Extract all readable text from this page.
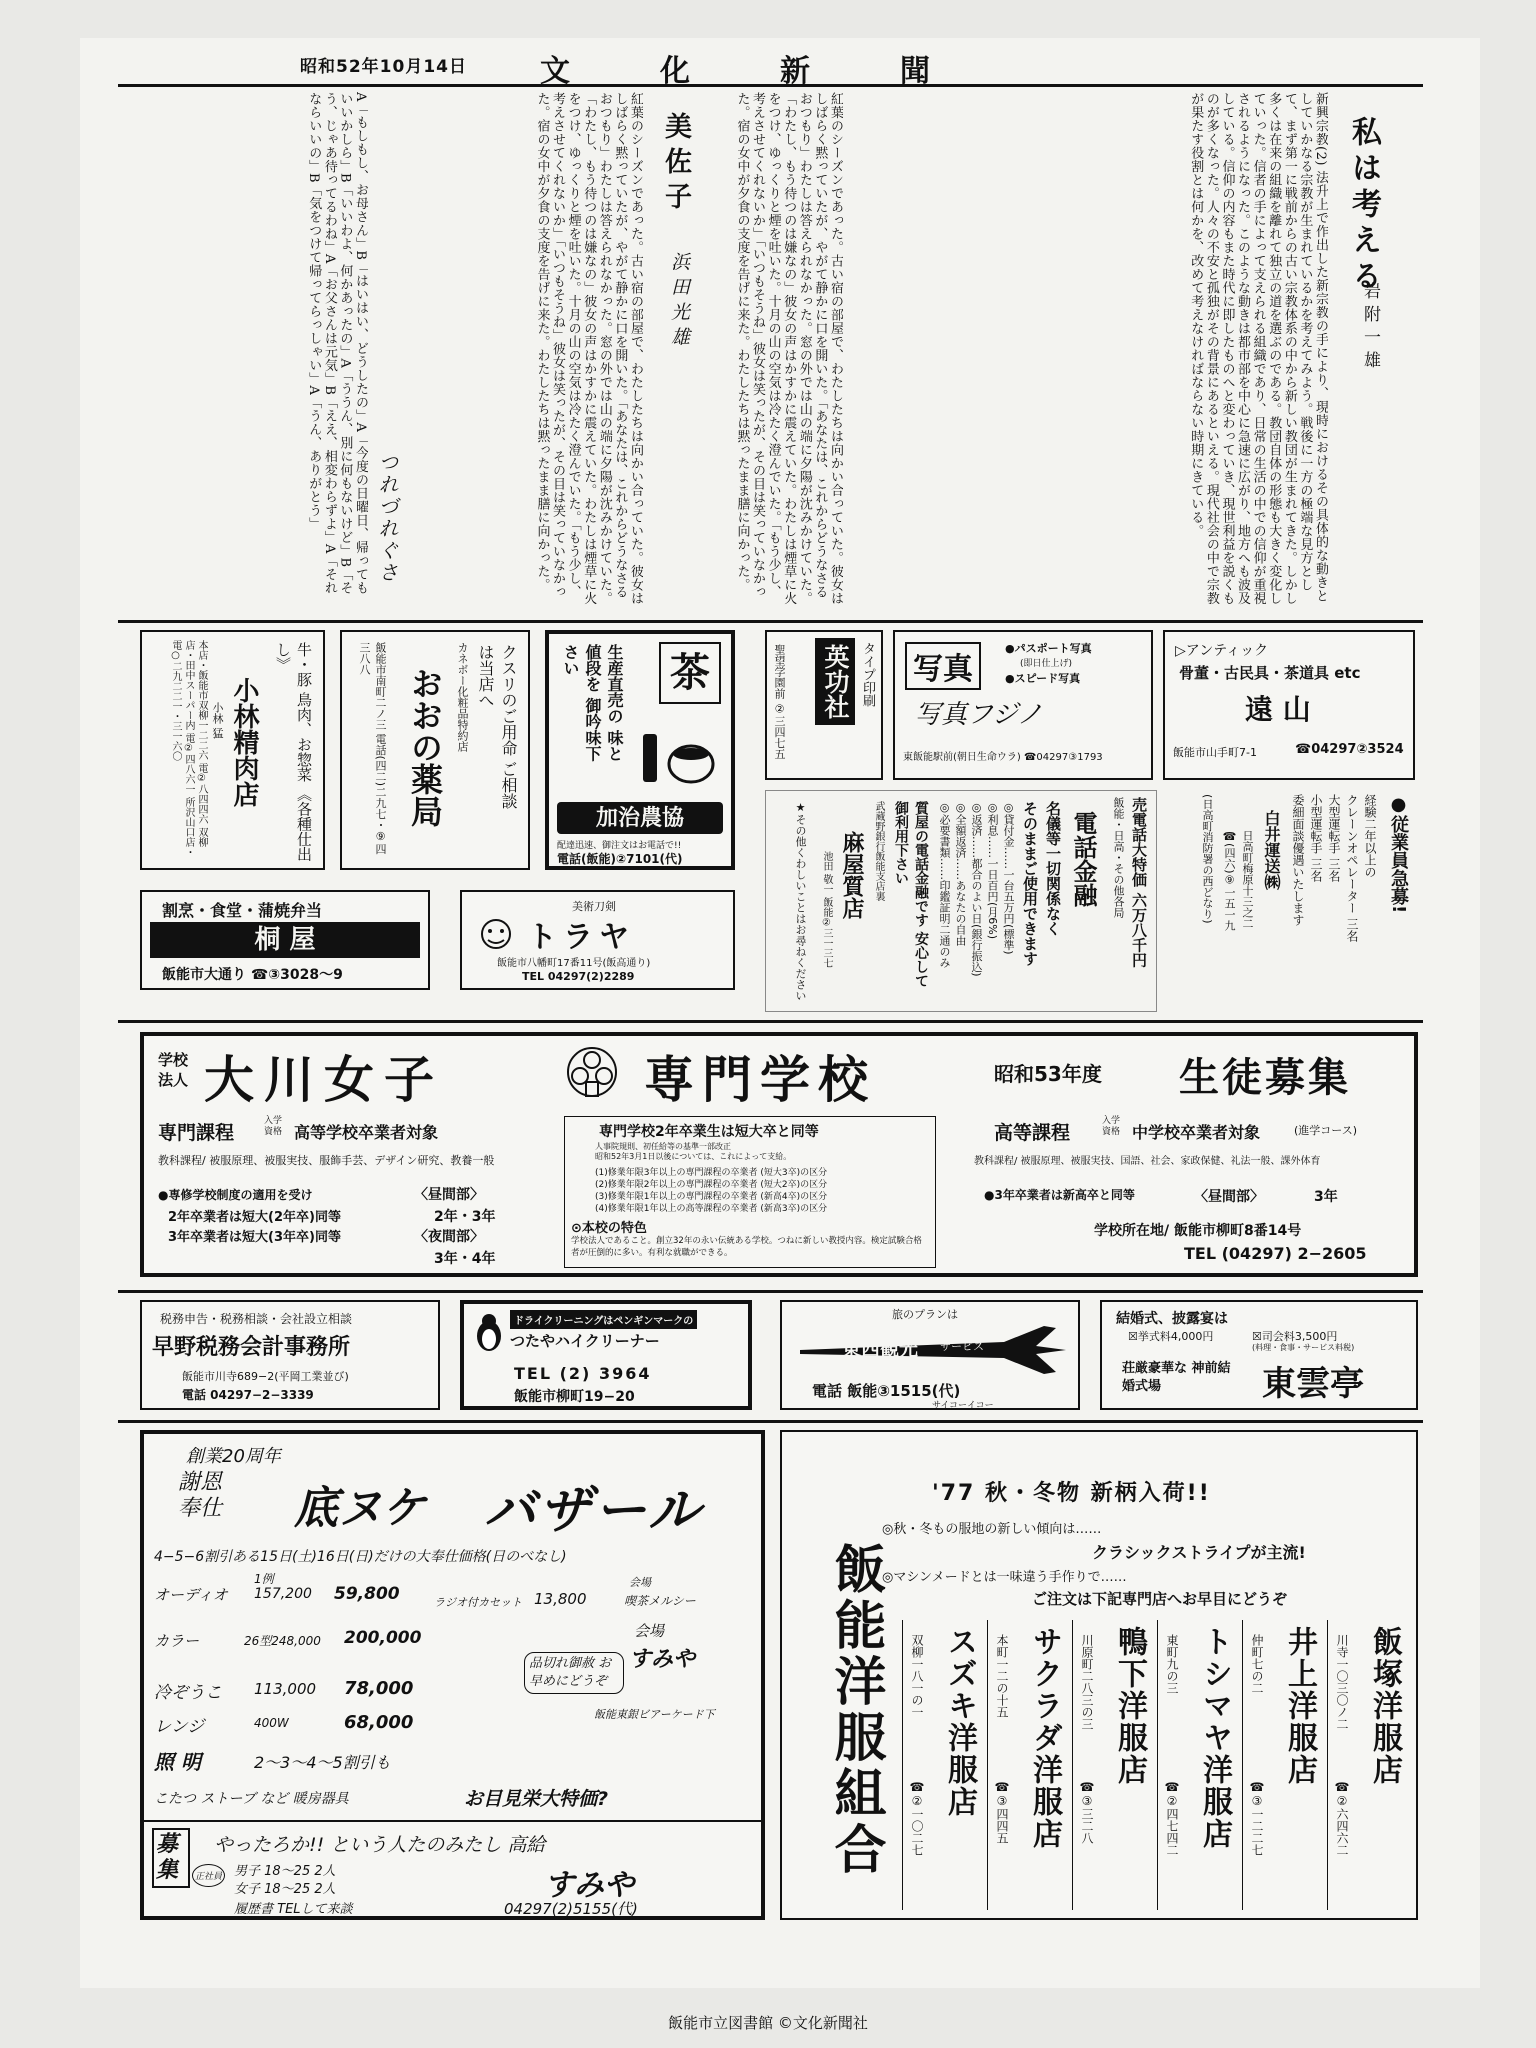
昭和52年10月14日 文化新聞
私は考える
岩附一雄
新興宗教(2) 法升上で作出した新宗教の手により、現時におけるその具体的な動きとしていかなる宗教が生まれているかを考えてみよう。戦後に一方の極端な見方として、まず第一に戦前からの古い宗教体系の中から新しい教団が生まれてきた。しかし多くは在来の組織を離れて独立の道を選ぶのである。教団自体の形態も大きく変化していった。信者の手によって支えられる組織であり、日常の生活の中での信仰が重視されるようになった。このような動きは都市部を中心に急速に広がり、地方へも波及している。信仰の内容もまた時代に即したものへと変わっていき、現世利益を説くものが多くなった。人々の不安と孤独がその背景にあるといえる。現代社会の中で宗教が果たす役割とは何かを、改めて考えなければならない時期にきている。
美佐子
浜田光雄
紅葉のシーズンであった。古い宿の部屋で、わたしたちは向かい合っていた。彼女はしばらく黙っていたが、やがて静かに口を開いた。「あなたは、これからどうなさるおつもり」わたしは答えられなかった。窓の外では山の端に夕陽が沈みかけていた。「わたし、もう待つのは嫌なの」彼女の声はかすかに震えていた。わたしは煙草に火をつけ、ゆっくりと煙を吐いた。十月の山の空気は冷たく澄んでいた。「もう少し、考えさせてくれないか」「いつもそうね」彼女は笑ったが、その目は笑っていなかった。宿の女中が夕食の支度を告げに来た。わたしたちは黙ったまま膳に向かった。	紅葉のシーズンであった。古い宿の部屋で、わたしたちは向かい合っていた。彼女はしばらく黙っていたが、やがて静かに口を開いた。「あなたは、これからどうなさるおつもり」わたしは答えられなかった。窓の外では山の端に夕陽が沈みかけていた。「わたし、もう待つのは嫌なの」彼女の声はかすかに震えていた。わたしは煙草に火をつけ、ゆっくりと煙を吐いた。十月の山の空気は冷たく澄んでいた。「もう少し、考えさせてくれないか」「いつもそうね」彼女は笑ったが、その目は笑っていなかった。宿の女中が夕食の支度を告げに来た。わたしたちは黙ったまま膳に向かった。
つれづれぐさ
A「もしもし、お母さん」B「はいはい、どうしたの」A「今度の日曜日、帰ってもいいかしら」B「いいわよ、何かあったの」A「ううん、別に何もないけど」B「そう、じゃあ待ってるわね」A「お父さんは元気」B「ええ、相変わらずよ」A「それならいいの」B「気をつけて帰ってらっしゃい」A「うん、ありがとう」
牛・豚 鳥肉、お惣菜 《各種仕出し》
小林精肉店
小林 猛
本店・飯能市双柳一二二六 電②八四四六 双柳店・田中スーパー内 電②四八六一 所沢山口店・電○二九二二一・三一六〇	クスリのご用命 ご相談は当店へ
カネボー化粧品特約店
おおの薬局
飯能市南町二ノ三 電話(四二)二九七・⑨四三八八	茶
生産直売の 味と値段を 御吟味下さい
加治農協
配達迅速、御注文はお電話で!!
電話(飯能)②7101(代)
タイプ印刷
英功社
聖望学園前 ②三四七五	写真
●パスポート写真
(即日仕上げ)
●スピード写真
写真フジノ
東飯能駅前(朝日生命ウラ) ☎04297③1793
▷アンティック
骨董・古民具・茶道具 etc
遠 山
飯能市山手町7-1	☎04297②3524
売電話大特価 六万八千円
飯能・日高・その他各局
電話金融
名儀等一切関係なく
そのままご使用できます
◎貸付金……一台五万円(標準)
◎利息……一日百円(月6%)
◎返済……都合のよい日(銀行振込)
◎全額返済……あなたの自由
◎必要書類……印鑑証明二通のみ
質屋の電話金融です 安心して御利用下さい
武蔵野銀行飯能支店裏
麻屋質店
池田 敬一 飯能②三一三七
★その他くわしいことはお尋ねください	●従業員急募!
経験二年以上の
クレーンオペレーター 三名
大型運転手 三名
小型運転手 三名
委細面談優遇いたします
白井運送㈱
日高町梅原十三之二
☎(四六)⑨一五一九
(日高町消防署の西どなり)
割烹・食堂・蒲焼弁当
桐 屋
飯能市大通り ☎③3028～9
美術刀剣
トラヤ
飯能市八幡町17番11号(飯高通り)
TEL 04297(2)2289
学校法人 大川女子	専門学校	昭和53年度 生徒募集
専門課程
入学資格 高等学校卒業者対象
教科課程/ 被服原理、被服実技、服飾手芸、デザイン研究、教養一般
●専修学校制度の適用を受け
2年卒業者は短大(2年卒)同等
3年卒業者は短大(3年卒)同等
〈昼間部〉
2年・3年
〈夜間部〉
3年・4年
専門学校2年卒業生は短大卒と同等
人事院規則、初任給等の基準一部改正
昭和52年3月1日以後については、これによって支給。
(1)修業年限3年以上の専門課程の卒業者 (短大3卒)の区分
(2)修業年限2年以上の専門課程の卒業者 (短大2卒)の区分
(3)修業年限1年以上の専門課程の卒業者 (新高4卒)の区分
(4)修業年限1年以上の高等課程の卒業者 (新高3卒)の区分
⊙本校の特色
学校法人であること。創立32年の永い伝統ある学校。つねに新しい教授内容。検定試験合格者が圧倒的に多い。有利な就職ができる。
高等課程
入学資格 中学校卒業者対象	(進学コース)
教科課程/ 被服原理、被服実技、国語、社会、家政保健、礼法一般、課外体育
●3年卒業者は新高卒と同等	〈昼間部〉	3年
学校所在地/ 飯能市柳町8番14号
TEL (04297) 2−2605
税務申告・税務相談・会社設立相談
早野税務会計事務所
飯能市川寺689−2(平岡工業並び)
電話 04297−2−3339
ドライクリーニングはペンギンマークの
つたやハイクリーナー
TEL (2) 3964
飯能市柳町19−20
旅のプランは
東西観光 サービス
電話 飯能③1515(代)
サイコーイコー
結婚式、披露宴は
☒挙式料4,000円	☒司会料3,500円
(料理・食事・サービス料税)
荘厳豪華な 神前結婚式場	東雲亭
創業20周年
謝恩 奉仕	底ヌケ バザール
4−5−6割引ある15日(土)16日(日)だけの大奉仕価格(日のべなし)
1例
オーディオ 157,200 59,800	ラジオ付カセット 13,800
会場
喫茶メルシー
カラー	26型248,000 200,000	会場
すみや
品切れ御赦 お早めにどうぞ
冷ぞうこ 113,000 78,000
レンジ	400W	68,000	飯能東銀ビアーケード下
照 明	2〜3〜4〜5割引も
こたつ ストーブ など 暖房器具	お目見栄大特価?
募集
やったろか!! という人たのみたし 高給
正社員 男子 18〜25 2人
女子 18〜25 2人
履歴書 TELして来談
すみや
04297(2)5155(代)
'77 秋・冬物 新柄入荷!!
◎秋・冬もの服地の新しい傾向は……
クラシックストライプが主流!
◎マシンメードとは一味違う手作りで……
ご注文は下記専門店へお早目にどうぞ
飯能洋服組合	飯塚洋服店
川寺一〇三〇ノ二
☎②六四六二
井上洋服店
仲町七の二
☎③一二二七
トシマヤ洋服店
東町九の三
☎②四七四二
鴨下洋服店
川原町二八三の三
☎③三二八
サクラダ洋服店
本町一二の十五
☎③四四五
スズキ洋服店
双柳一八一の一
☎②一〇二七
飯能市立図書館 ©文化新聞社
